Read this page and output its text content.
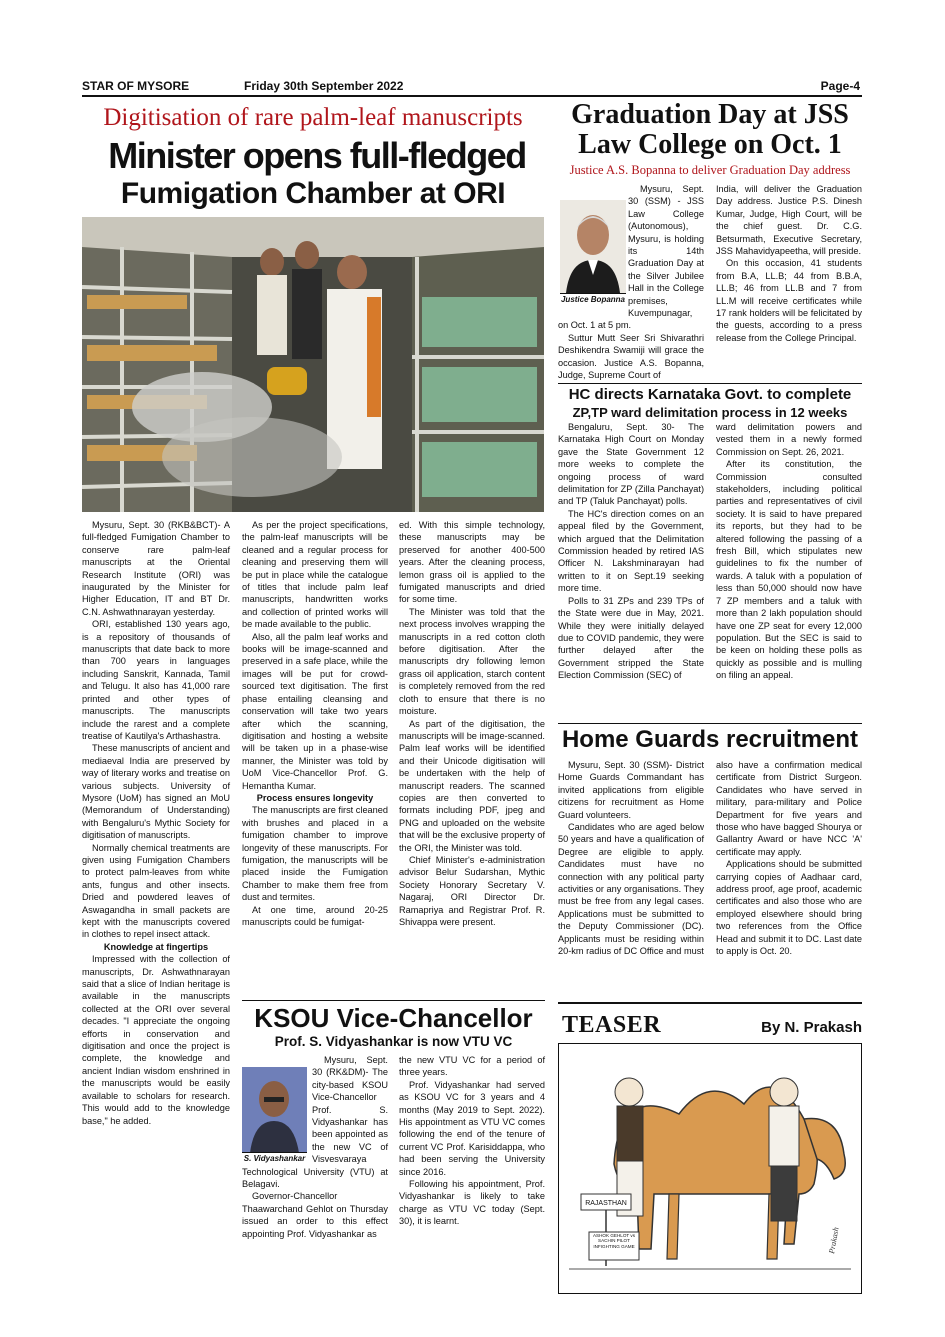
STAR OF MYSORE	Friday 30th September 2022	Page-4
Digitisation of rare palm-leaf manuscripts
Minister opens full-fledged
Fumigation Chamber at ORI

Mysuru, Sept. 30 (RKB&BCT)- A full-fledged Fumigation Chamber to conserve rare palm-leaf manuscripts at the Oriental Research Institute (ORI) was inaugurated by the Minister for Higher Education, IT and BT Dr. C.N. Ashwathnarayan yesterday.

ORI, established 130 years ago, is a repository of thousands of manuscripts that date back to more than 700 years in languages including Sanskrit, Kannada, Tamil and Telugu. It also has 41,000 rare printed and other types of manuscripts. The manuscripts include the rarest and a complete treatise of Kautilya's Arthashastra.

These manuscripts of ancient and mediaeval India are preserved by way of literary works and treatise on various subjects. University of Mysore (UoM) has signed an MoU (Memorandum of Understanding) with Bengaluru's Mythic Society for digitisation of manuscripts.

Normally chemical treatments are given using Fumigation Chambers to protect palm-leaves from white ants, fungus and other insects. Dried and powdered leaves of Aswagandha in small packets are kept with the manuscripts covered in clothes to repel insect attack.

Knowledge at fingertips

Impressed with the collection of manuscripts, Dr. Ashwathnarayan said that a slice of Indian heritage is available in the manuscripts collected at the ORI over several decades. "I appreciate the ongoing efforts in conservation and digitisation and once the project is complete, the knowledge and ancient Indian wisdom enshrined in the manuscripts would be easily available to scholars for research. This would add to the knowledge base," he added.

As per the project specifications, the palm-leaf manuscripts will be cleaned and a regular process for cleaning and preserving them will be put in place while the catalogue of titles that include palm leaf manuscripts, handwritten works and collection of printed works will be made available to the public.

Also, all the palm leaf works and books will be image-scanned and preserved in a safe place, while the images will be put for crowd-sourced text digitisation. The first phase entailing cleansing and conservation will take two years after which the scanning, digitisation and hosting a website will be taken up in a phase-wise manner, the Minister was told by UoM Vice-Chancellor Prof. G. Hemantha Kumar.

Process ensures longevity

The manuscripts are first cleaned with brushes and placed in a fumigation chamber to improve longevity of these manuscripts. For fumigation, the manuscripts will be placed inside the Fumigation Chamber to make them free from dust and termites.

At one time, around 20-25 manuscripts could be fumigat-

ed. With this simple technology, these manuscripts may be preserved for another 400-500 years. After the cleaning process, lemon grass oil is applied to the fumigated manuscripts and dried for some time.

The Minister was told that the next process involves wrapping the manuscripts in a red cotton cloth before digitisation. After the manuscripts dry following lemon grass oil application, starch content is completely removed from the red cloth to ensure that there is no moisture.

As part of the digitisation, the manuscripts will be image-scanned. Palm leaf works will be identified and their Unicode digitisation will be undertaken with the help of manuscript readers. The scanned copies are then converted to formats including PDF, jpeg and PNG and uploaded on the website that will be the exclusive property of the ORI, the Minister was told.

Chief Minister's e-administration advisor Belur Sudarshan, Mythic Society Honorary Secretary V. Nagaraj, ORI Director Dr. Ramapriya and Registrar Prof. R. Shivappa were present.

KSOU Vice-Chancellor
Prof. S. Vidyashankar is now VTU VC
S. Vidyashankar

Mysuru, Sept. 30 (RK&DM)- The city-based KSOU Vice-Chancellor Prof. S. Vidyashankar has been appointed as the new VC of Visvesvaraya Technological University (VTU) at Belagavi.

Governor-Chancellor Thaawarchand Gehlot on Thursday issued an order to this effect appointing Prof. Vidyashankar as

the new VTU VC for a period of three years.

Prof. Vidyashankar had served as KSOU VC for 3 years and 4 months (May 2019 to Sept. 2022). His appointment as VTU VC comes following the end of the tenure of current VC Prof. Karisiddappa, who had been serving the University since 2016.

Following his appointment, Prof. Vidyashankar is likely to take charge as VTU VC today (Sept. 30), it is learnt.

Graduation Day at JSS
Law College on Oct. 1
Justice A.S. Bopanna to deliver Graduation Day address
Justice Bopanna

Mysuru, Sept. 30 (SSM) - JSS Law College (Autonomous), Mysuru, is holding its 14th Graduation Day at the Silver Jubilee Hall in the College premises, Kuvempunagar, on Oct. 1 at 5 pm.

Suttur Mutt Seer Sri Shivarathri Deshikendra Swamiji will grace the occasion. Justice A.S. Bopanna, Judge, Supreme Court of

India, will deliver the Graduation Day address. Justice P.S. Dinesh Kumar, Judge, High Court, will be the chief guest. Dr. C.G. Betsurmath, Executive Secretary, JSS Mahavidyapeetha, will preside.

On this occasion, 41 students from B.A, LL.B; 44 from B.B.A, LL.B; 46 from LL.B and 7 from LL.M will receive certificates while 17 rank holders will be felicitated by the guests, according to a press release from the College Principal.

HC directs Karnataka Govt. to complete
ZP,TP ward delimitation process in 12 weeks

Bengaluru, Sept. 30- The Karnataka High Court on Monday gave the State Government 12 more weeks to complete the ongoing process of ward delimitation for ZP (Zilla Panchayat) and TP (Taluk Panchayat) polls.

The HC's direction comes on an appeal filed by the Government, which argued that the Delimitation Commission headed by retired IAS Officer N. Lakshminarayan had written to it on Sept.19 seeking more time.

Polls to 31 ZPs and 239 TPs of the State were due in May, 2021. While they were initially delayed due to COVID pandemic, they were further delayed after the Government stripped the State Election Commission (SEC) of

ward delimitation powers and vested them in a newly formed Commission on Sept. 26, 2021.

After its constitution, the Commission consulted stakeholders, including political parties and representatives of civil society. It is said to have prepared its reports, but they had to be altered following the passing of a fresh Bill, which stipulates new guidelines to fix the number of wards. A taluk with a population of less than 50,000 should now have 7 ZP members and a taluk with more than 2 lakh population should have one ZP seat for every 12,000 population. But the SEC is said to be keen on holding these polls as quickly as possible and is mulling on filing an appeal.

Home Guards recruitment

Mysuru, Sept. 30 (SSM)- District Home Guards Commandant has invited applications from eligible citizens for recruitment as Home Guard volunteers.

Candidates who are aged below 50 years and have a qualification of Degree are eligible to apply. Candidates must have no connection with any political party activities or any organisations. They must be free from any legal cases. Applications must be submitted to the Deputy Commissioner (DC). Applicants must be residing within 20-km radius of DC Office and must

also have a confirmation medical certificate from District Surgeon. Candidates who have served in military, para-military and Police Department for five years and those who have bagged Shourya or Gallantry Award or have NCC 'A' certificate may apply.

Applications should be submitted carrying copies of Aadhaar card, address proof, age proof, academic certificates and also those who are employed elsewhere should bring two references from the Office Head and submit it to DC. Last date to apply is Oct. 20.

TEASER	By N. Prakash
RAJASTHAN
ASHOK GEHLOT vs SACHIN PILOT INFIGHTING GAME	Prakash
